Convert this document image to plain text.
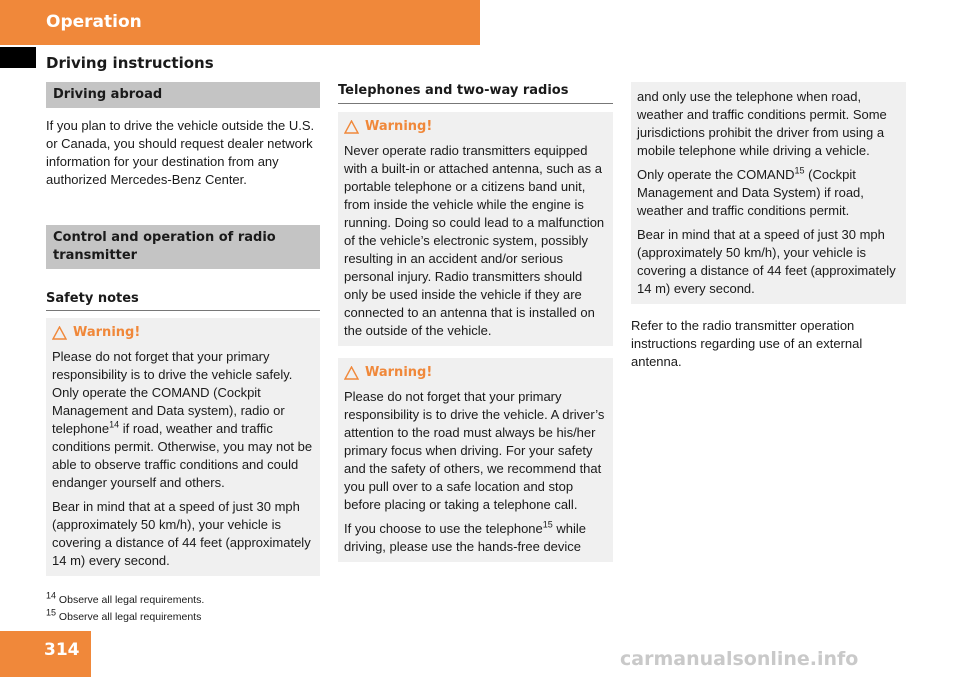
Operation
Driving instructions
Driving abroad

If you plan to drive the vehicle outside the U.S. or Canada, you should request dealer network information for your destination from any authorized Mercedes-Benz Center.

Control and operation of radio transmitter
Safety notes
Warning!

Please do not forget that your primary responsibility is to drive the vehicle safely. Only operate the COMAND (Cockpit Management and Data system), radio or telephone$^{14}$ if road, weather and traffic conditions permit. Otherwise, you may not be able to observe traffic conditions and could endanger yourself and others.

Bear in mind that at a speed of just 30 mph (approximately 50 km/h), your vehicle is covering a distance of 44 feet (approximately 14 m) every second.

Telephones and two-way radios
Warning!

Never operate radio transmitters equipped with a built-in or attached antenna, such as a portable telephone or a citizens band unit, from inside the vehicle while the engine is running. Doing so could lead to a malfunction of the vehicle’s electronic system, possibly resulting in an accident and/or serious personal injury. Radio transmitters should only be used inside the vehicle if they are connected to an antenna that is installed on the outside of the vehicle.

Warning!

Please do not forget that your primary responsibility is to drive the vehicle. A driver’s attention to the road must always be his/her primary focus when driving. For your safety and the safety of others, we recommend that you pull over to a safe location and stop before placing or taking a telephone call.

If you choose to use the telephone$^{15}$ while driving, please use the hands-free device

and only use the telephone when road, weather and traffic conditions permit. Some jurisdictions prohibit the driver from using a mobile telephone while driving a vehicle.

Only operate the COMAND$^{15}$ (Cockpit Management and Data System) if road, weather and traffic conditions permit.

Bear in mind that at a speed of just 30 mph (approximately 50 km/h), your vehicle is covering a distance of 44 feet (approximately 14 m) every second.

Refer to the radio transmitter operation instructions regarding use of an external antenna.

$^{14}$ Observe all legal requirements.
$^{15}$ Observe all legal requirements
314	carmanualsonline.info
